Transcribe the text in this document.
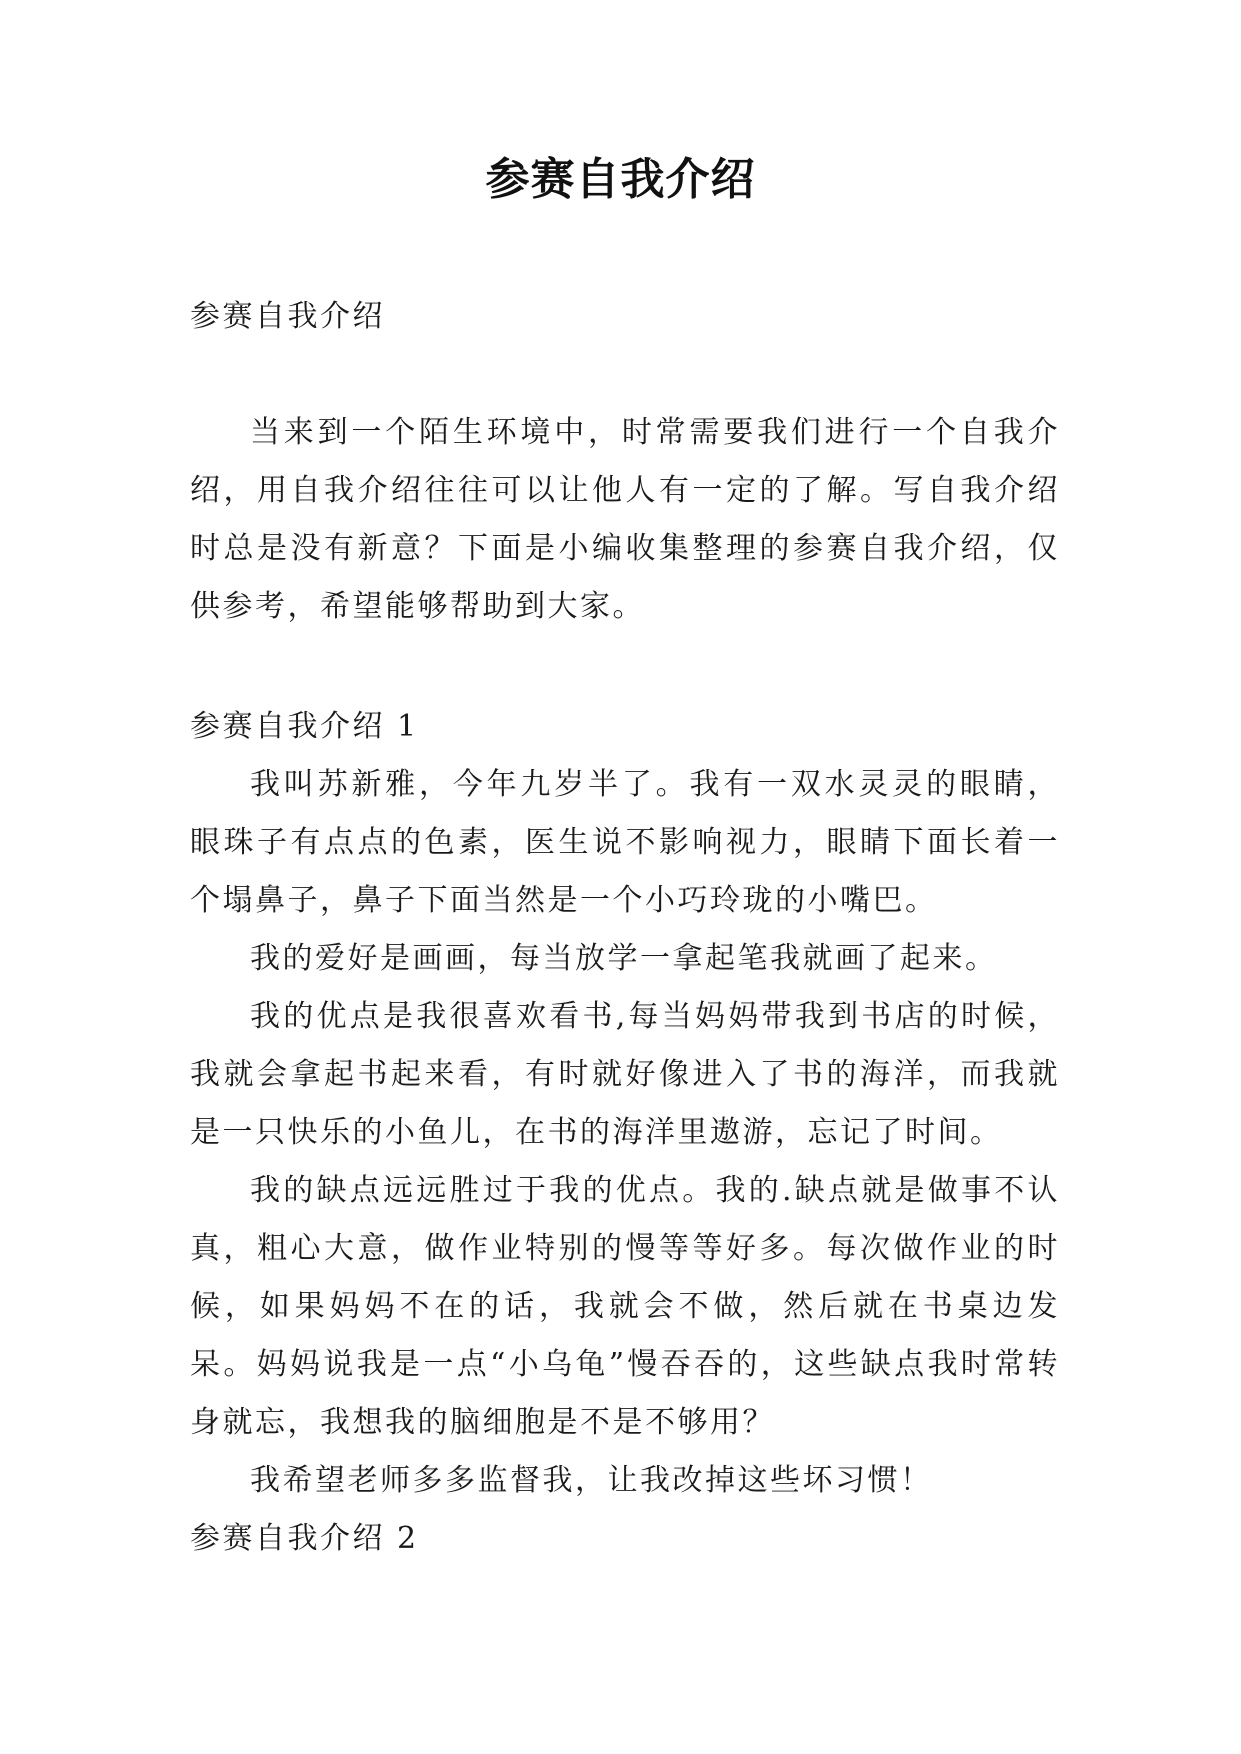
参赛自我介绍

参赛自我介绍

当来到一个陌生环境中，时常需要我们进行一个自我介绍，用自我介绍往往可以让他人有一定的了解。写自我介绍时总是没有新意？下面是小编收集整理的参赛自我介绍，仅供参考，希望能够帮助到大家。

参赛自我介绍 1

我叫苏新雅，今年九岁半了。我有一双水灵灵的眼睛，眼珠子有点点的色素，医生说不影响视力，眼睛下面长着一个塌鼻子，鼻子下面当然是一个小巧玲珑的小嘴巴。

我的爱好是画画，每当放学一拿起笔我就画了起来。

我的优点是我很喜欢看书,每当妈妈带我到书店的时候，我就会拿起书起来看，有时就好像进入了书的海洋，而我就是一只快乐的小鱼儿，在书的海洋里遨游，忘记了时间。

我的缺点远远胜过于我的优点。我的.缺点就是做事不认真，粗心大意，做作业特别的慢等等好多。每次做作业的时候，如果妈妈不在的话，我就会不做，然后就在书桌边发呆。妈妈说我是一点“小乌龟”慢吞吞的，这些缺点我时常转身就忘，我想我的脑细胞是不是不够用？

我希望老师多多监督我，让我改掉这些坏习惯！

参赛自我介绍 2
